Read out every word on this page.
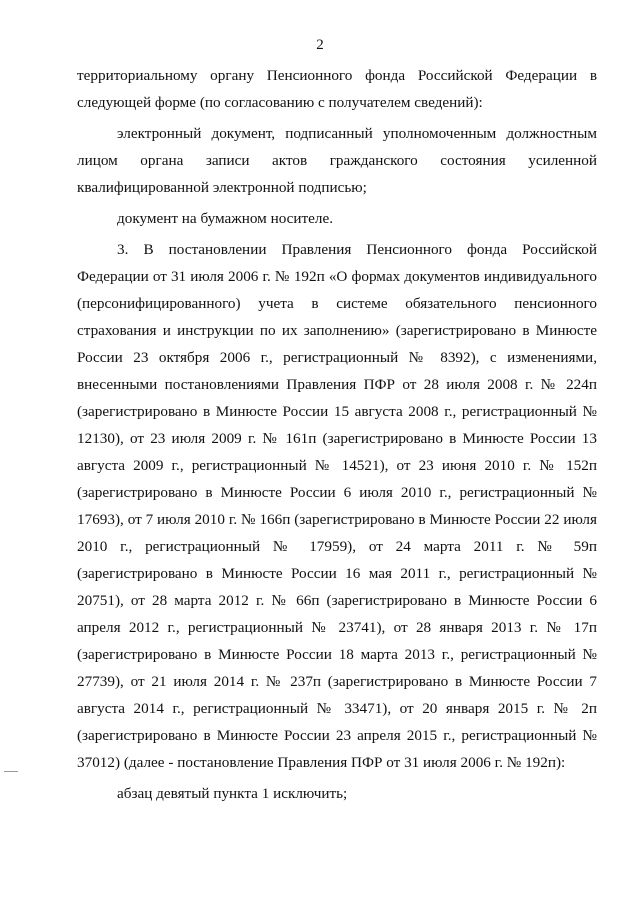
2

территориальному органу Пенсионного фонда Российской Федерации в следующей форме (по согласованию с получателем сведений):

электронный документ, подписанный уполномоченным должностным лицом органа записи актов гражданского состояния усиленной квалифицированной электронной подписью;

документ на бумажном носителе.

3. В постановлении Правления Пенсионного фонда Российской Федерации от 31 июля 2006 г. № 192п «О формах документов индивидуального (персонифицированного) учета в системе обязательного пенсионного страхования и инструкции по их заполнению» (зарегистрировано в Минюсте России 23 октября 2006 г., регистрационный № 8392), с изменениями, внесенными постановлениями Правления ПФР от 28 июля 2008 г. № 224п (зарегистрировано в Минюсте России 15 августа 2008 г., регистрационный № 12130), от 23 июля 2009 г. № 161п (зарегистрировано в Минюсте России 13 августа 2009 г., регистрационный № 14521), от 23 июня 2010 г. № 152п (зарегистрировано в Минюсте России 6 июля 2010 г., регистрационный № 17693), от 7 июля 2010 г. № 166п (зарегистрировано в Минюсте России 22 июля 2010 г., регистрационный № 17959), от 24 марта 2011 г. № 59п (зарегистрировано в Минюсте России 16 мая 2011 г., регистрационный № 20751), от 28 марта 2012 г. № 66п (зарегистрировано в Минюсте России 6 апреля 2012 г., регистрационный № 23741), от 28 января 2013 г. № 17п (зарегистрировано в Минюсте России 18 марта 2013 г., регистрационный № 27739), от 21 июля 2014 г. № 237п (зарегистрировано в Минюсте России 7 августа 2014 г., регистрационный № 33471), от 20 января 2015 г. № 2п (зарегистрировано в Минюсте России 23 апреля 2015 г., регистрационный № 37012) (далее - постановление Правления ПФР от 31 июля 2006 г. № 192п):

абзац девятый пункта 1 исключить;
